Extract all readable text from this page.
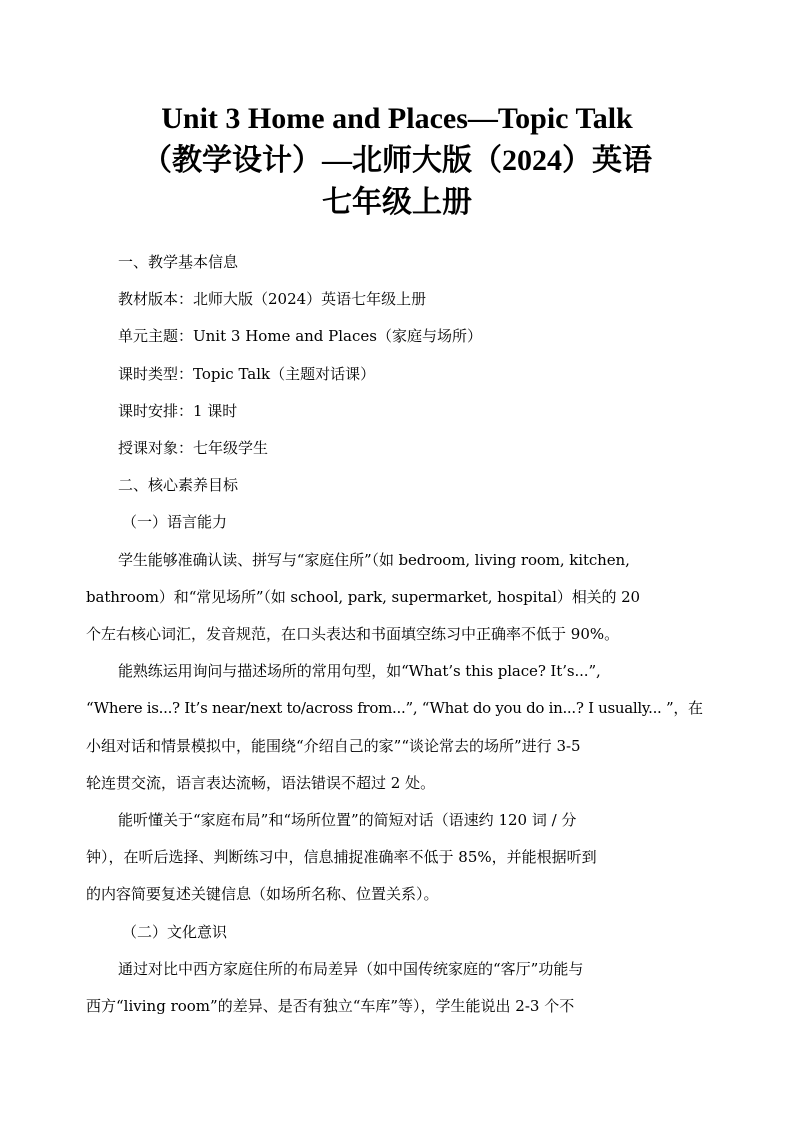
Unit 3 Home and Places—Topic Talk
（教学设计）—北师大版（2024）英语
七年级上册

一、教学基本信息

教材版本：北师大版（2024）英语七年级上册

单元主题：Unit 3 Home and Places（家庭与场所）

课时类型：Topic Talk（主题对话课）

课时安排：1 课时

授课对象：七年级学生

二、核心素养目标

（一）语言能力

学生能够准确认读、拼写与“家庭住所”（如 bedroom, living room, kitchen,

bathroom）和“常见场所”（如 school, park, supermarket, hospital）相关的 20

个左右核心词汇，发音规范，在口头表达和书面填空练习中正确率不低于 90%。

能熟练运用询问与描述场所的常用句型，如“What’s this place? It’s...”,

“Where is...? It’s near/next to/across from...”, “What do you do in...? I usually... ”，在

小组对话和情景模拟中，能围绕“介绍自己的家”“谈论常去的场所”进行 3-5

轮连贯交流，语言表达流畅，语法错误不超过 2 处。

能听懂关于“家庭布局”和“场所位置”的简短对话（语速约 120 词 / 分

钟），在听后选择、判断练习中，信息捕捉准确率不低于 85%，并能根据听到

的内容简要复述关键信息（如场所名称、位置关系）。

（二）文化意识

通过对比中西方家庭住所的布局差异（如中国传统家庭的“客厅”功能与

西方“living room”的差异、是否有独立“车库”等），学生能说出 2-3 个不
